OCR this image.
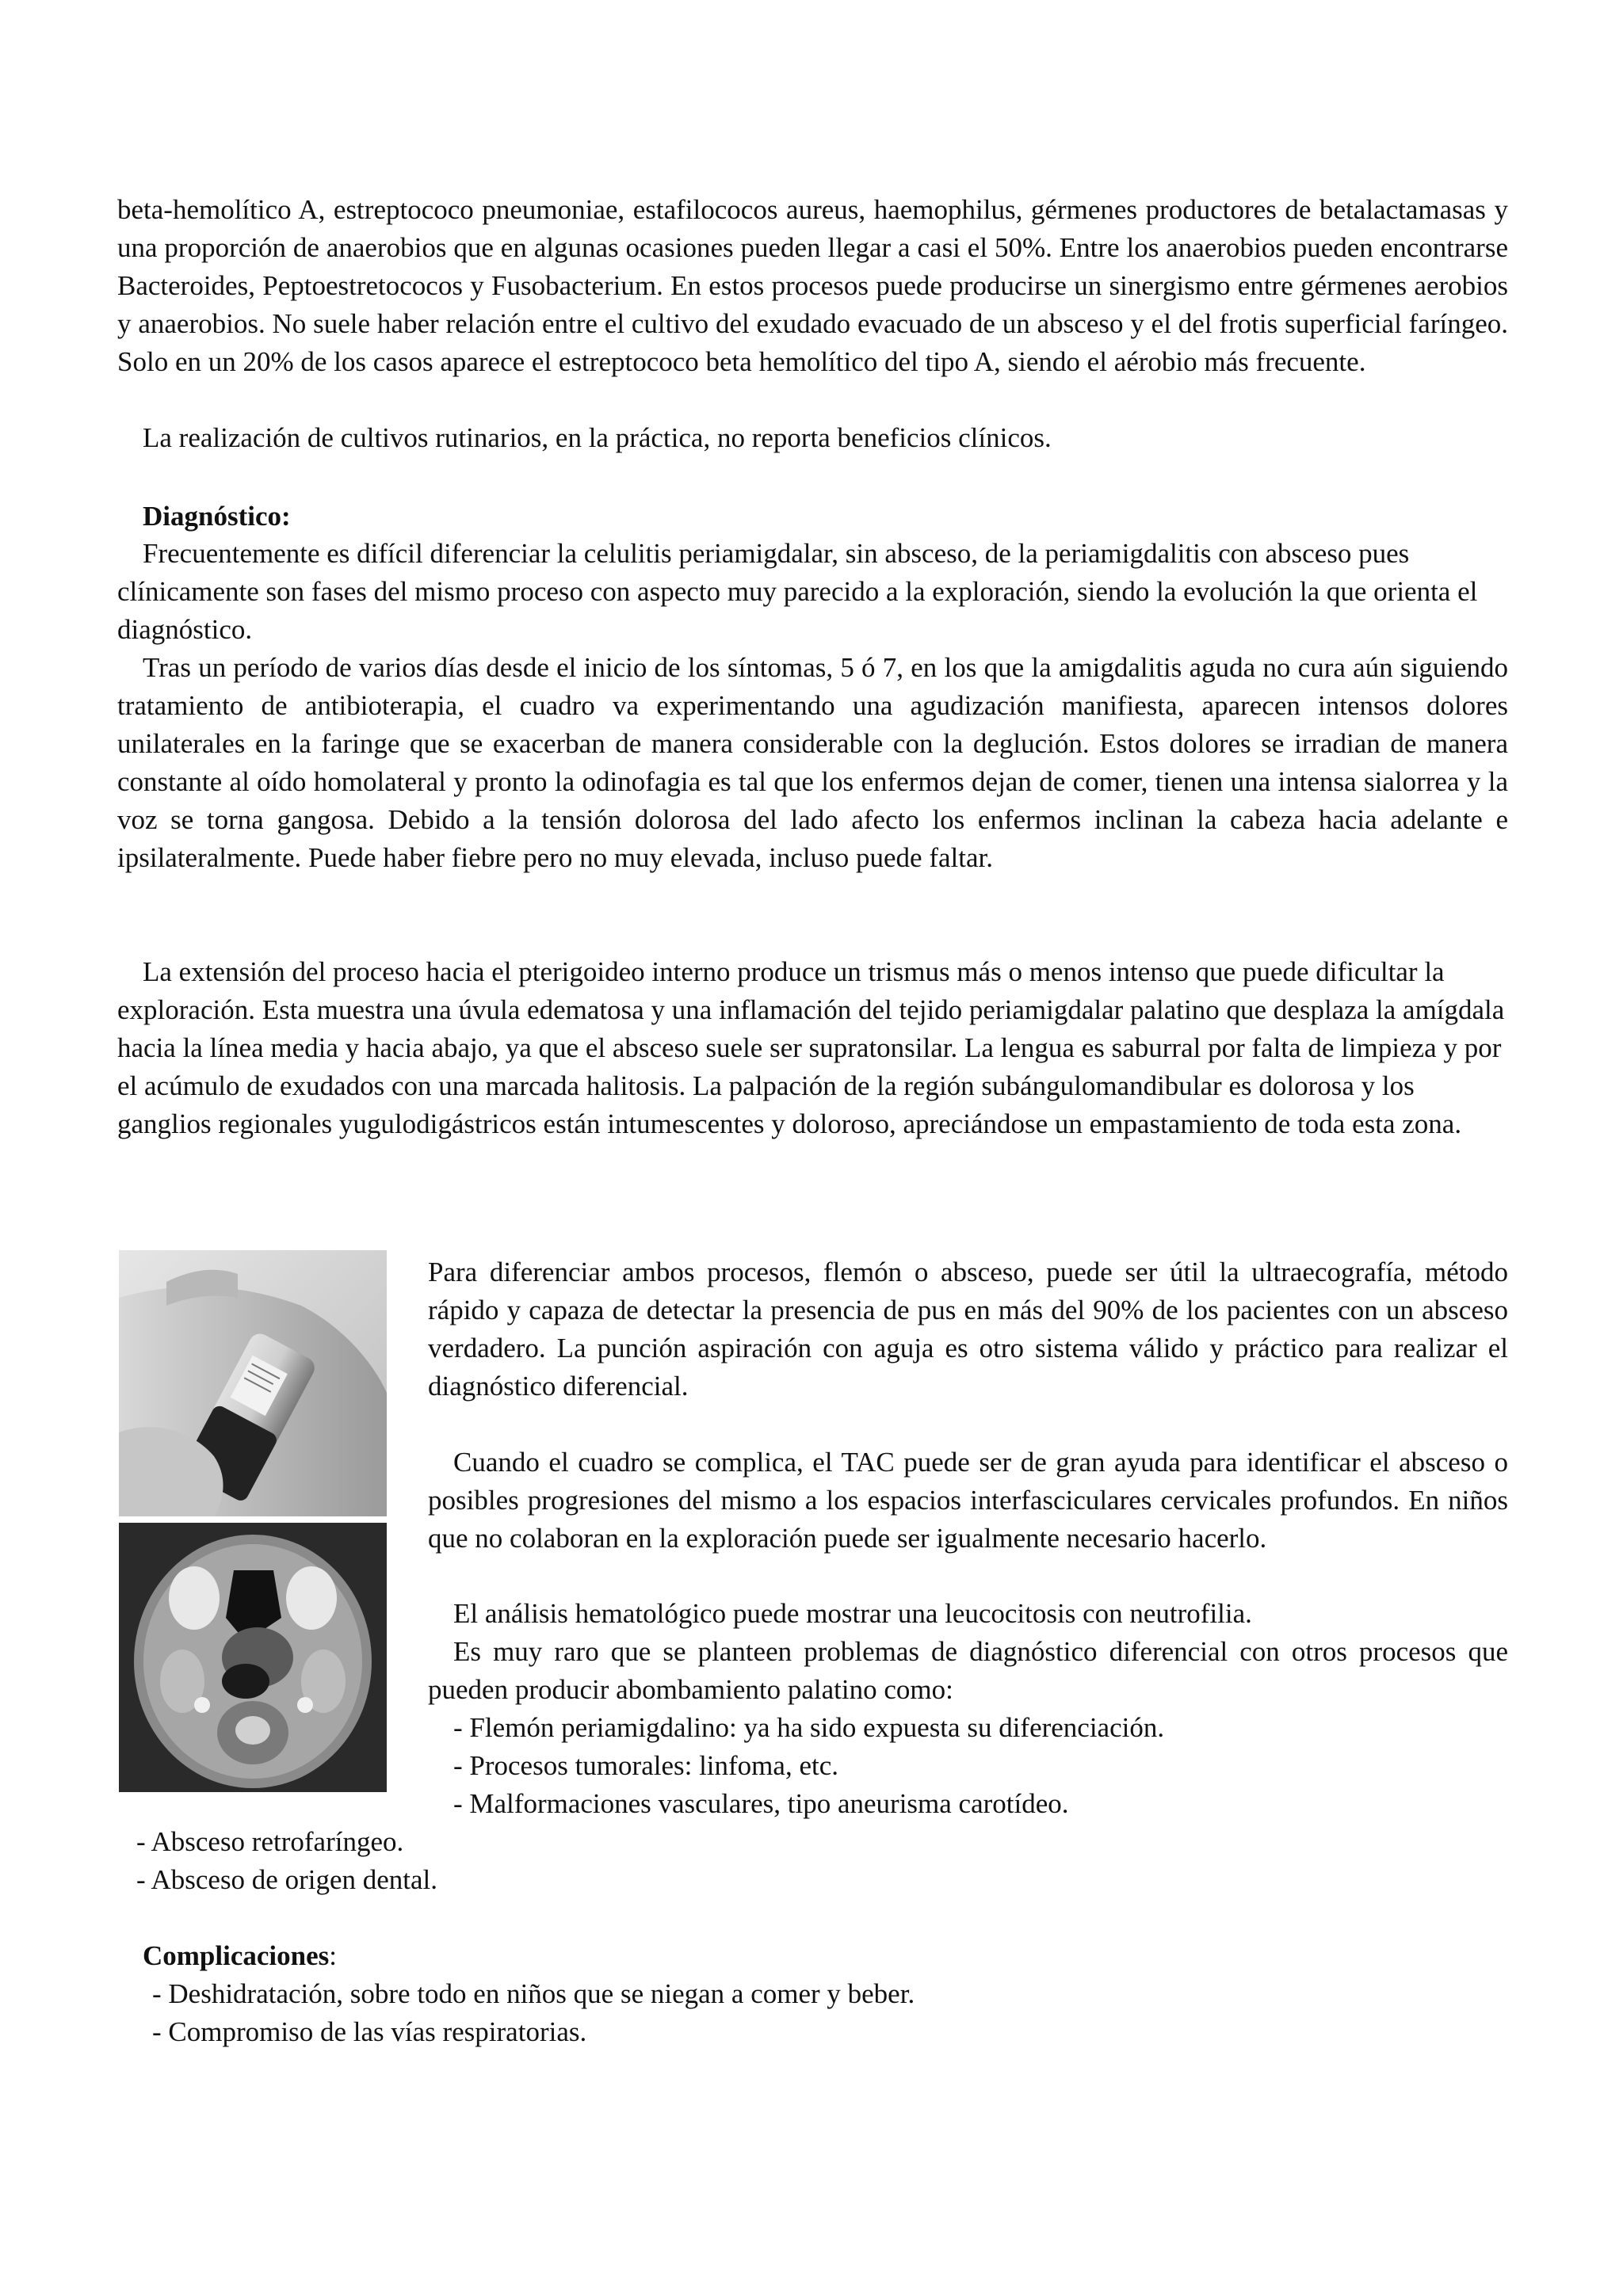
beta-hemolítico A, estreptococo pneumoniae, estafilococos aureus, haemophilus, gérmenes productores de betalactamasas y una proporción de anaerobios que en algunas ocasiones pueden llegar a casi el 50%. Entre los anaerobios pueden encontrarse Bacteroides, Peptoestretococos y Fusobacterium. En estos procesos puede producirse un sinergismo entre gérmenes aerobios y anaerobios. No suele haber relación entre el cultivo del exudado evacuado de un absceso y el del frotis superficial faríngeo. Solo en un 20% de los casos aparece el estreptococo beta hemolítico del tipo A, siendo el aérobio más frecuente.
La realización de cultivos rutinarios, en la práctica, no reporta beneficios clínicos.
Diagnóstico:
Frecuentemente es difícil diferenciar la celulitis periamigdalar, sin absceso, de la periamigdalitis con absceso pues clínicamente son fases del mismo proceso con aspecto muy parecido a la exploración, siendo la evolución la que orienta el diagnóstico.
Tras un período de varios días desde el inicio de los síntomas, 5 ó 7, en los que la amigdalitis aguda no cura aún siguiendo tratamiento de antibioterapia, el cuadro va experimentando una agudización manifiesta, aparecen intensos dolores unilaterales en la faringe que se exacerban de manera considerable con la deglución. Estos dolores se irradian de manera constante al oído homolateral y pronto la odinofagia es tal que los enfermos dejan de comer, tienen una intensa sialorrea y la voz se torna gangosa. Debido a la tensión dolorosa del lado afecto los enfermos inclinan la cabeza hacia adelante e ipsilateralmente. Puede haber fiebre pero no muy elevada, incluso puede faltar.
La extensión del proceso hacia el pterigoideo interno produce un trismus más o menos intenso que puede dificultar la exploración. Esta muestra una úvula edematosa y una inflamación del tejido periamigdalar palatino que desplaza la amígdala hacia la línea media y hacia abajo, ya que el absceso suele ser supratonsilar. La lengua es saburral por falta de limpieza y por el acúmulo de exudados con una marcada halitosis. La palpación de la región subángulomandibular es dolorosa y los ganglios regionales yugulodigástricos están intumescentes y doloroso, apreciándose un empastamiento de toda esta zona.
Para diferenciar ambos procesos, flemón o absceso, puede ser útil la ultraecografía, método rápido y capaza de detectar la presencia de pus en más del 90% de los pacientes con un absceso verdadero. La punción aspiración con aguja es otro sistema válido y práctico para realizar el diagnóstico diferencial.
Cuando el cuadro se complica, el TAC puede ser de gran ayuda para identificar el absceso o posibles progresiones del mismo a los espacios interfasciculares cervicales profundos. En niños que no colaboran en la exploración puede ser igualmente necesario hacerlo.
El análisis hematológico puede mostrar una leucocitosis con neutrofilia.
Es muy raro que se planteen problemas de diagnóstico diferencial con otros procesos que pueden producir abombamiento palatino como:
- Flemón periamigdalino: ya ha sido expuesta su diferenciación.
- Procesos tumorales: linfoma, etc.
- Malformaciones vasculares, tipo aneurisma carotídeo.
- Absceso retrofaríngeo.
- Absceso de origen dental.
Complicaciones:
- Deshidratación, sobre todo en niños que se niegan a comer y beber.
- Compromiso de las vías respiratorias.
